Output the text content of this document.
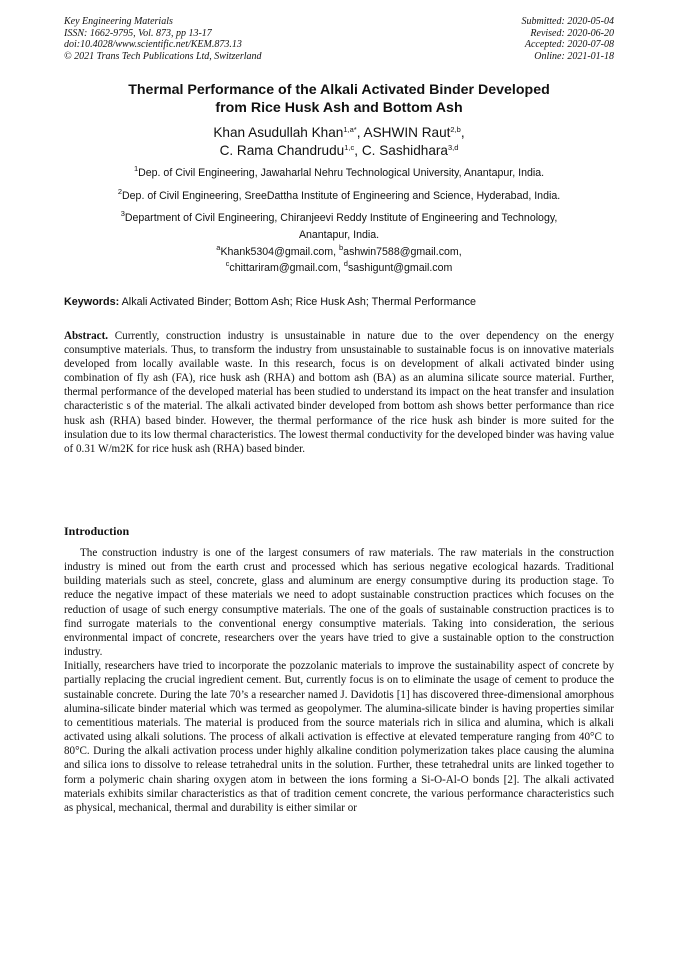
Key Engineering Materials
ISSN: 1662-9795, Vol. 873, pp 13-17
doi:10.4028/www.scientific.net/KEM.873.13
© 2021 Trans Tech Publications Ltd, Switzerland
Submitted: 2020-05-04
Revised: 2020-06-20
Accepted: 2020-07-08
Online: 2021-01-18
Thermal Performance of the Alkali Activated Binder Developed
from Rice Husk Ash and Bottom Ash
Khan Asudullah Khan$^{1,a*}$, ASHWIN Raut$^{2,b}$,
C. Rama Chandrudu$^{1,c}$, C. Sashidhara$^{3,d}$
$^1$Dep. of Civil Engineering, Jawaharlal Nehru Technological University, Anantapur, India.
$^2$Dep. of Civil Engineering, SreeDattha Institute of Engineering and Science, Hyderabad, India.
$^3$Department of Civil Engineering, Chiranjeevi Reddy Institute of Engineering and Technology,
Anantapur, India.
$^a$Khank5304@gmail.com, $^b$ashwin7588@gmail.com,
$^c$chittariram@gmail.com, $^d$sashigunt@gmail.com
Keywords: Alkali Activated Binder; Bottom Ash; Rice Husk Ash; Thermal Performance

Abstract. Currently, construction industry is unsustainable in nature due to the over dependency on the energy consumptive materials. Thus, to transform the industry from unsustainable to sustainable focus is on innovative materials developed from locally available waste. In this research, focus is on development of alkali activated binder using combination of fly ash (FA), rice husk ash (RHA) and bottom ash (BA) as an alumina silicate source material. Further, thermal performance of the developed material has been studied to understand its impact on the heat transfer and insulation characteristic s of the material. The alkali activated binder developed from bottom ash shows better performance than rice husk ash (RHA) based binder. However, the thermal performance of the rice husk ash binder is more suited for the insulation due to its low thermal characteristics. The lowest thermal conductivity for the developed binder was having value of 0.31 W/m2K for rice husk ash (RHA) based binder.

Introduction

The construction industry is one of the largest consumers of raw materials. The raw materials in the construction industry is mined out from the earth crust and processed which has serious negative ecological hazards. Traditional building materials such as steel, concrete, glass and aluminum are energy consumptive during its production stage. To reduce the negative impact of these materials we need to adopt sustainable construction practices which focuses on the reduction of usage of such energy consumptive materials. The one of the goals of sustainable construction practices is to find surrogate materials to the conventional energy consumptive materials. Taking into consideration, the serious environmental impact of concrete, researchers over the years have tried to give a sustainable option to the construction industry.

Initially, researchers have tried to incorporate the pozzolanic materials to improve the sustainability aspect of concrete by partially replacing the crucial ingredient cement. But, currently focus is on to eliminate the usage of cement to produce the sustainable concrete. During the late 70’s a researcher named J. Davidotis [1] has discovered three-dimensional amorphous alumina-silicate binder material which was termed as geopolymer. The alumina-silicate binder is having properties similar to cementitious materials. The material is produced from the source materials rich in silica and alumina, which is alkali activated using alkali solutions. The process of alkali activation is effective at elevated temperature ranging from 40°C to 80°C. During the alkali activation process under highly alkaline condition polymerization takes place causing the alumina and silica ions to dissolve to release tetrahedral units in the solution. Further, these tetrahedral units are linked together to form a polymeric chain sharing oxygen atom in between the ions forming a Si-O-Al-O bonds [2]. The alkali activated materials exhibits similar characteristics as that of tradition cement concrete, the various performance characteristics such as physical, mechanical, thermal and durability is either similar or
